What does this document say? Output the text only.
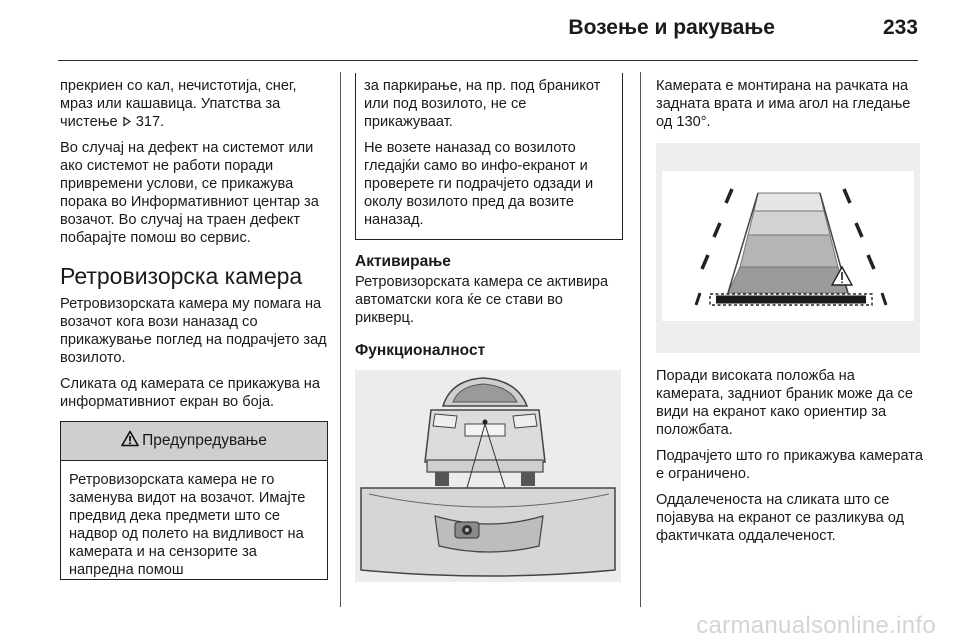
Возење и ракување	233

прекриен со кал, нечистотија, снег, мраз или кашавица. Упатства за чистење 317.

Во случај на дефект на системот или ако системот не работи поради привремени услови, се прикажува порака во Информативниот центар за возачот. Во случај на траен дефект побарајте помош во сервис.

Ретровизорска камера

Ретровизорската камера му помага на возачот кога вози наназад со прикажување поглед на подрачјето зад возилото.

Сликата од камерата се прикажува на информативниот екран во боја.

Предупредување

Ретровизорската камера не го заменува видот на возачот. Имајте предвид дека предмети што се надвор од полето на видливост на камерата и на сензорите за напредна помош

за паркирање, на пр. под браникот или под возилото, не се прикажуваат.

Не возете наназад со возилото гледајќи само во инфо-екранот и проверете ги подрачјето одзади и околу возилото пред да возите наназад.

Активирање

Ретровизорската камера се активира автоматски кога ќе се стави во рикверц.

Функционалност

Камерата е монтирана на рачката на задната врата и има агол на гледање од 130°.

Поради високата положба на камерата, задниот браник може да се види на екранот како ориентир за положбата.

Подрачјето што го прикажува камерата е ограничено.

Оддалеченоста на сликата што се појавува на екранот се разликува од фактичката оддалеченост.

carmanualsonline.info
